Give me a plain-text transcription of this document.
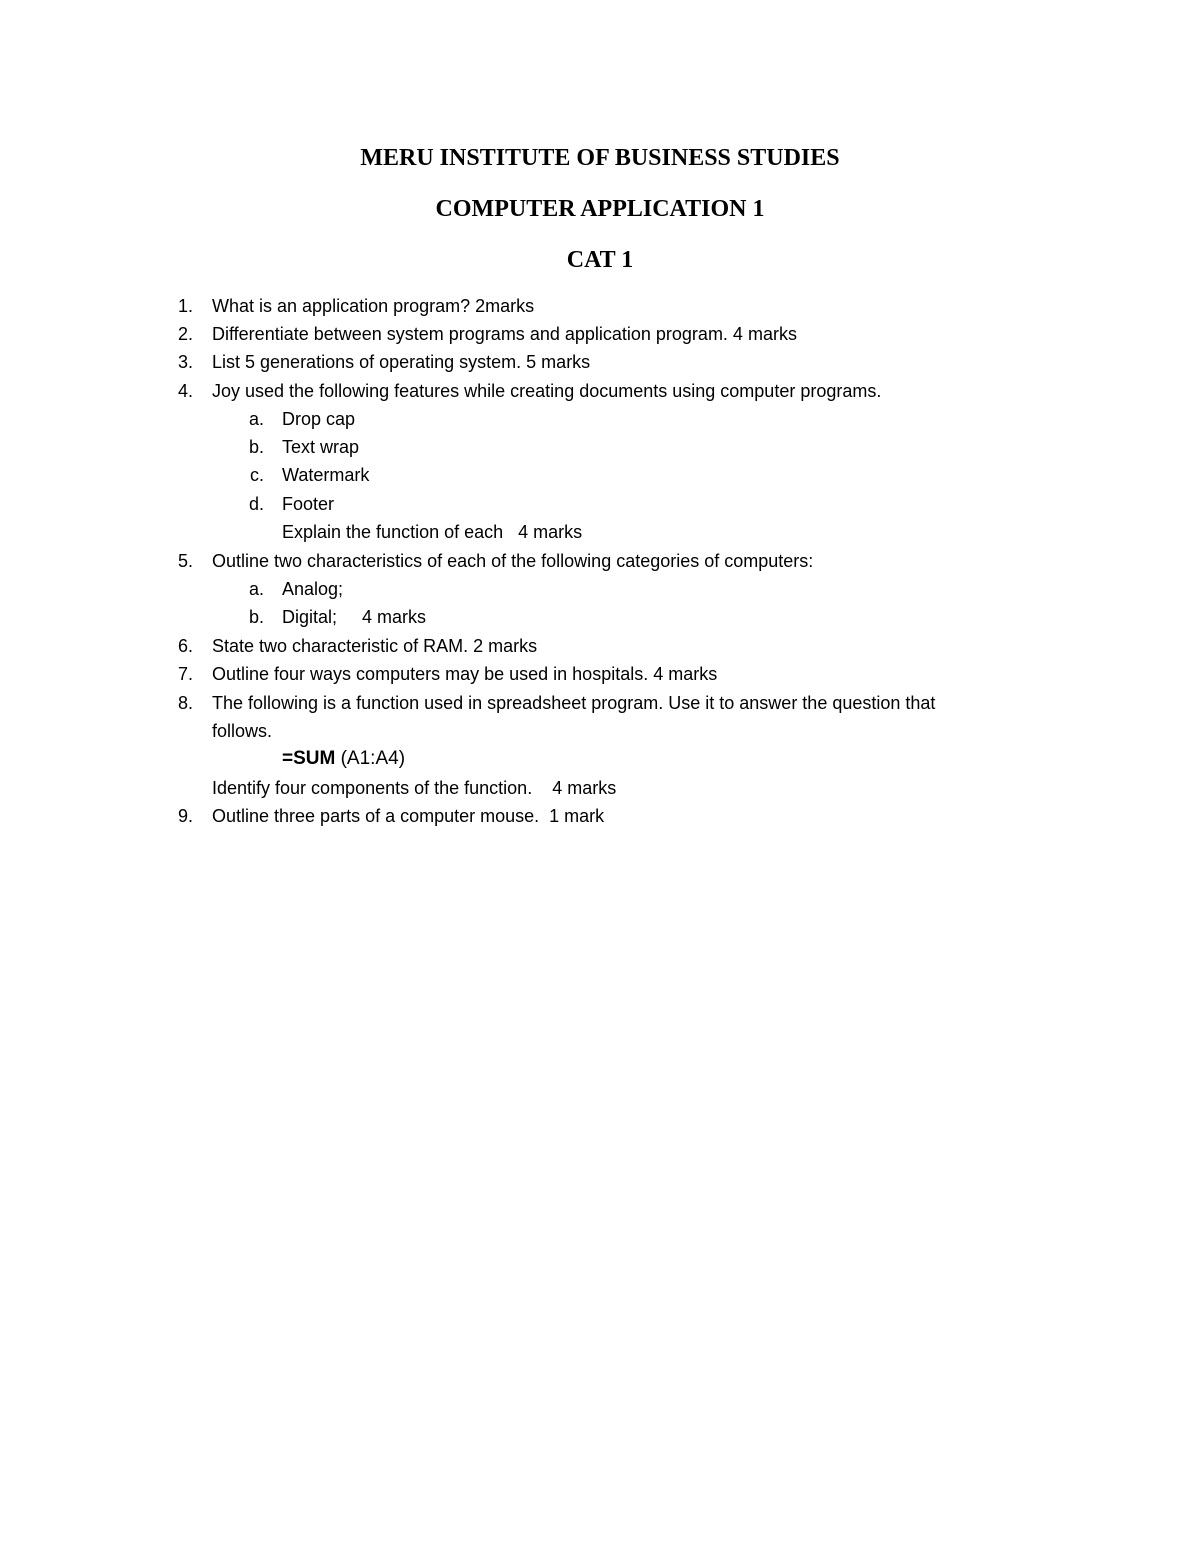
MERU INSTITUTE OF BUSINESS STUDIES
COMPUTER APPLICATION 1
CAT 1
1. What is an application program? 2marks
2. Differentiate between system programs and application program. 4 marks
3. List 5 generations of operating system. 5 marks
4. Joy used the following features while creating documents using computer programs.
a. Drop cap
b. Text wrap
c. Watermark
d. Footer
Explain the function of each   4 marks
5. Outline two characteristics of each of the following categories of computers:
a. Analog;
b. Digital;     4 marks
6. State two characteristic of RAM. 2 marks
7. Outline four ways computers may be used in hospitals. 4 marks
8. The following is a function used in spreadsheet program. Use it to answer the question that
follows.
=SUM (A1:A4)
Identify four components of the function.    4 marks
9. Outline three parts of a computer mouse.  1 mark
